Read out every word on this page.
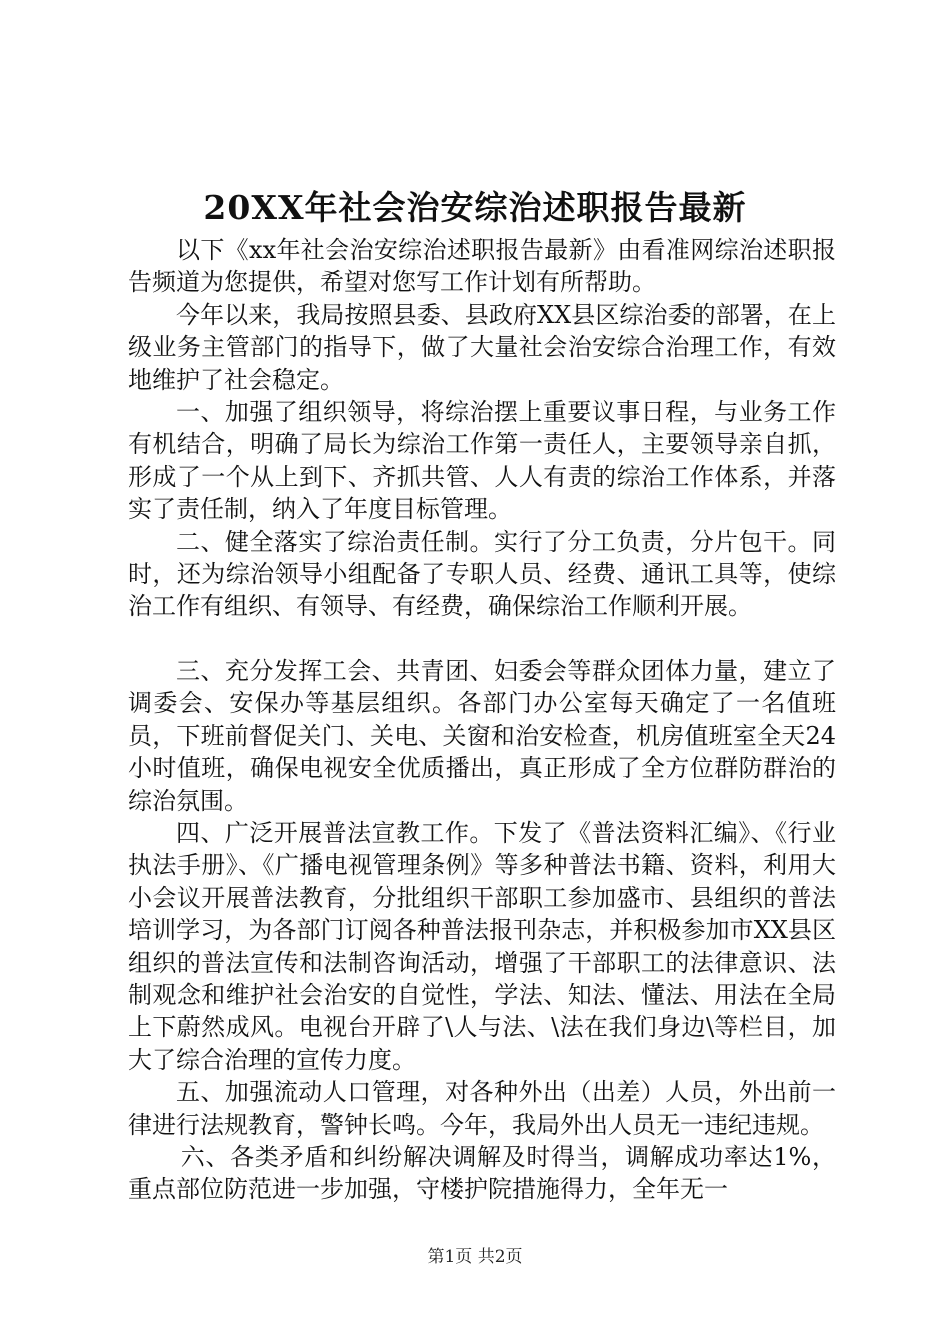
20XX年社会治安综治述职报告最新

以下《xx年社会治安综治述职报告最新》由看准网综治述职报告频道为您提供，希望对您写工作计划有所帮助。

今年以来，我局按照县委、县政府XX县区综治委的部署，在上级业务主管部门的指导下，做了大量社会治安综合治理工作，有效地维护了社会稳定。

一、加强了组织领导，将综治摆上重要议事日程，与业务工作有机结合，明确了局长为综治工作第一责任人，主要领导亲自抓，形成了一个从上到下、齐抓共管、人人有责的综治工作体系，并落实了责任制，纳入了年度目标管理。

二、健全落实了综治责任制。实行了分工负责，分片包干。同时，还为综治领导小组配备了专职人员、经费、通讯工具等，使综治工作有组织、有领导、有经费，确保综治工作顺利开展。

三、充分发挥工会、共青团、妇委会等群众团体力量，建立了调委会、安保办等基层组织。各部门办公室每天确定了一名值班员，下班前督促关门、关电、关窗和治安检查，机房值班室全天24小时值班，确保电视安全优质播出，真正形成了全方位群防群治的综治氛围。

四、广泛开展普法宣教工作。下发了《普法资料汇编》、《行业执法手册》、《广播电视管理条例》等多种普法书籍、资料，利用大小会议开展普法教育，分批组织干部职工参加盛市、县组织的普法培训学习，为各部门订阅各种普法报刊杂志，并积极参加市XX县区组织的普法宣传和法制咨询活动，增强了干部职工的法律意识、法制观念和维护社会治安的自觉性，学法、知法、懂法、用法在全局上下蔚然成风。电视台开辟了\人与法、\法在我们身边\等栏目，加大了综合治理的宣传力度。

五、加强流动人口管理，对各种外出（出差）人员，外出前一律进行法规教育，警钟长鸣。今年，我局外出人员无一违纪违规。

六、各类矛盾和纠纷解决调解及时得当，调解成功率达1%，重点部位防范进一步加强，守楼护院措施得力，全年无一

第1页 共2页
